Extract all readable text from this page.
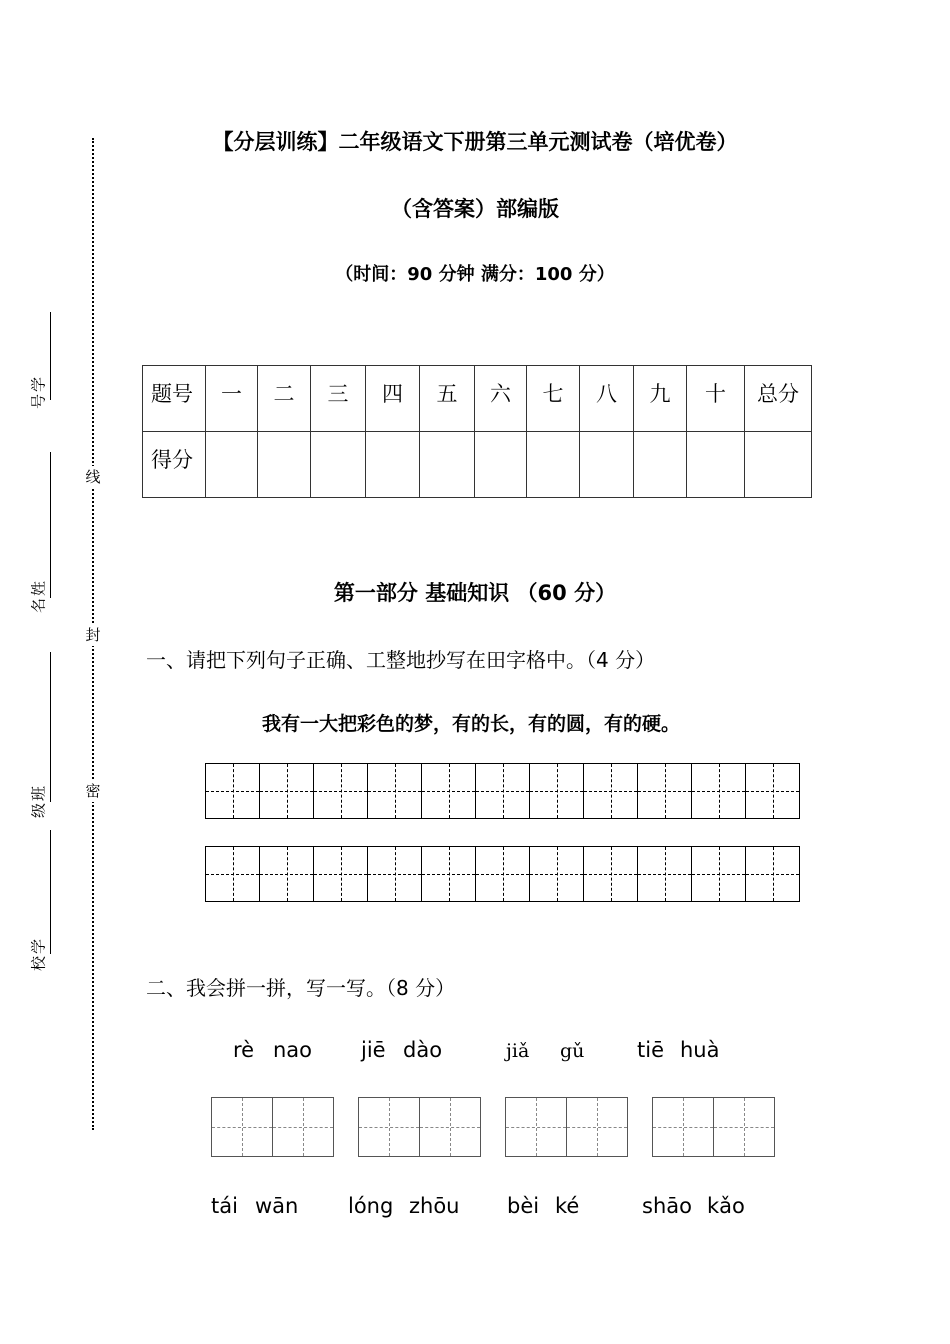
线
封
密
学
号
姓
名
班
级
学
校
【分层训练】二年级语文下册第三单元测试卷（培优卷）
（含答案）部编版
（时间：90 分钟 满分：100 分）
题号	一	二	三	四	五	六	七	八	九	十	总分
得分											
第一部分 基础知识 （60 分）
一、请把下列句子正确、工整地抄写在田字格中。（4 分）
我有一大把彩色的梦，有的长，有的圆，有的硬。
二、我会拼一拼，写一写。（8 分）
rè nao jiē dào	jiǎ gǔ	tiē huà
tái wān lóng zhōu bèi ké	shāo kǎo
